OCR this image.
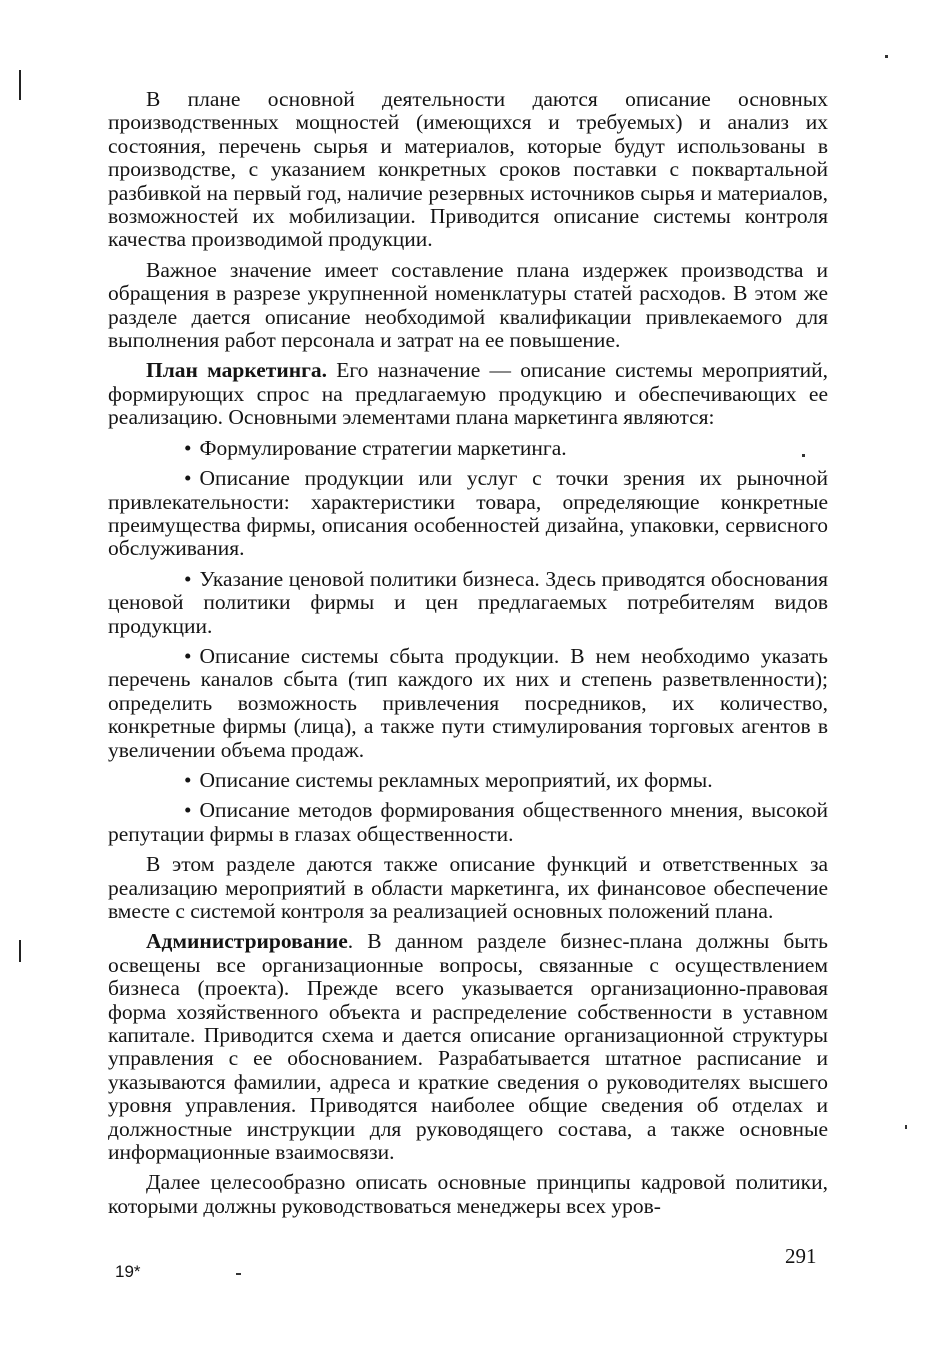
В плане основной деятельности даются описание основных производственных мощностей (имеющихся и требуемых) и анализ их состояния, перечень сырья и материалов, которые будут использованы в производстве, с указанием конкретных сроков поставки с поквартальной разбивкой на первый год, наличие резервных источников сырья и материалов, возможностей их мобилизации. Приводится описание системы контроля качества производимой продукции.

Важное значение имеет составление плана издержек производства и обращения в разрезе укрупненной номенклатуры статей расходов. В этом же разделе дается описание необходимой квалификации привлекаемого для выполнения работ персонала и затрат на ее повышение.

План маркетинга. Его назначение — описание системы мероприятий, формирующих спрос на предлагаемую продукцию и обеспечивающих ее реализацию. Основными элементами плана маркетинга являются:

• Формулирование стратегии маркетинга.

• Описание продукции или услуг с точки зрения их рыночной привлекательности: характеристики товара, определяющие конкретные преимущества фирмы, описания особенностей дизайна, упаковки, сервисного обслуживания.

• Указание ценовой политики бизнеса. Здесь приводятся обоснования ценовой политики фирмы и цен предлагаемых потребителям видов продукции.

• Описание системы сбыта продукции. В нем необходимо указать перечень каналов сбыта (тип каждого их них и степень разветвленности); определить возможность привлечения посредников, их количество, конкретные фирмы (лица), а также пути стимулирования торговых агентов в увеличении объема продаж.

• Описание системы рекламных мероприятий, их формы.

• Описание методов формирования общественного мнения, высокой репутации фирмы в глазах общественности.

В этом разделе даются также описание функций и ответственных за реализацию мероприятий в области маркетинга, их финансовое обеспечение вместе с системой контроля за реализацией основных положений плана.

Администрирование. В данном разделе бизнес-плана должны быть освещены все организационные вопросы, связанные с осуществлением бизнеса (проекта). Прежде всего указывается организационно-правовая форма хозяйственного объекта и распределение собственности в уставном капитале. Приводится схема и дается описание организационной структуры управления с ее обоснованием. Разрабатывается штатное расписание и указываются фамилии, адреса и краткие сведения о руководителях высшего уровня управления. Приводятся наиболее общие сведения об отделах и должностные инструкции для руководящего состава, а также основные информационные взаимосвязи.

Далее целесообразно описать основные принципы кадровой политики, которыми должны руководствоваться менеджеры всех уров-

291
19*
